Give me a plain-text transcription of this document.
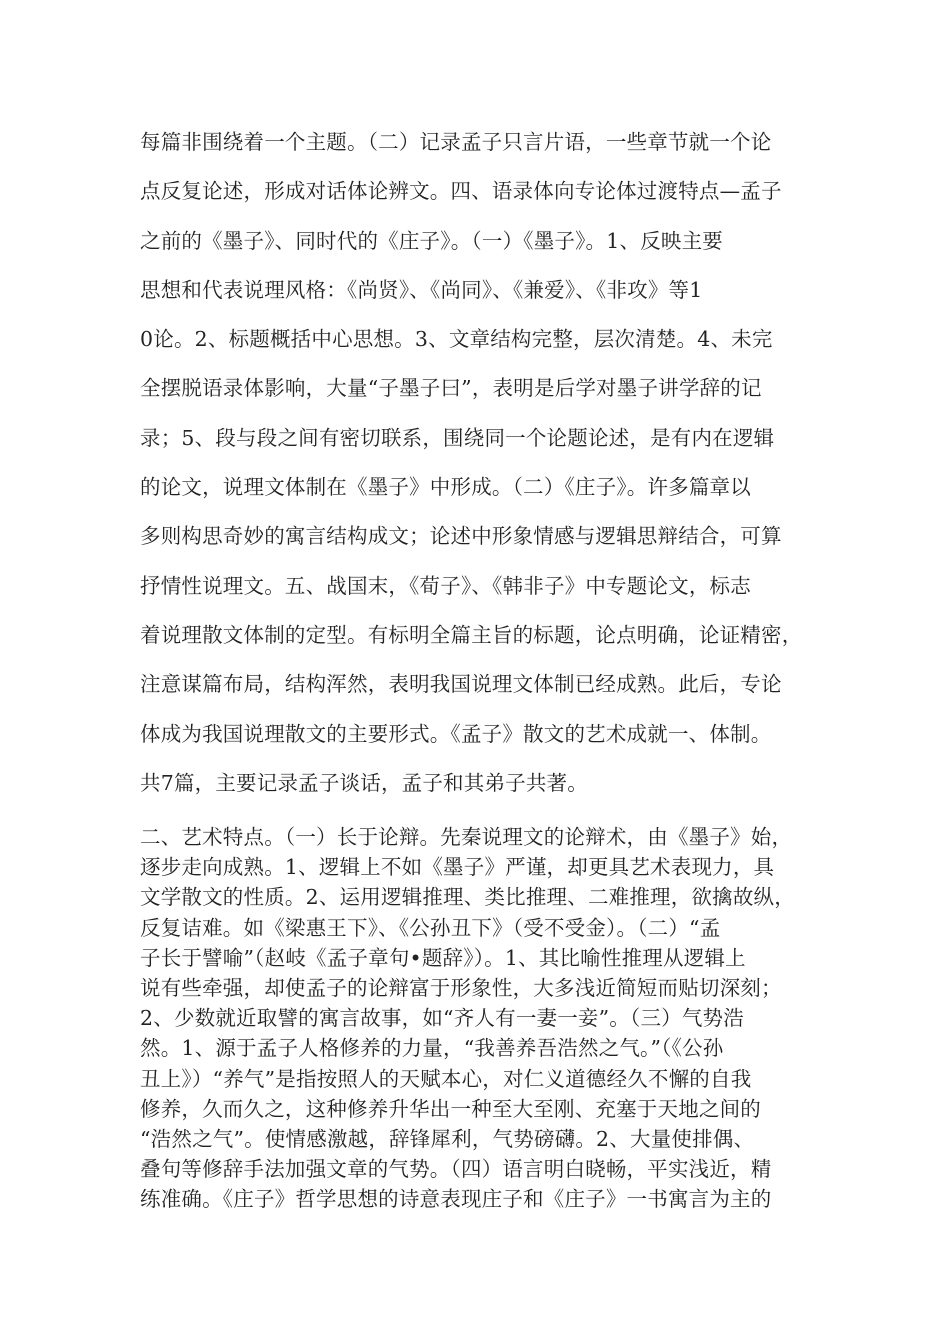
每篇非围绕着一个主题。（二）记录孟子只言片语，一些章节就一个论
点反复论述，形成对话体论辨文。四、语录体向专论体过渡特点—孟子
之前的《墨子》、同时代的《庄子》。（一）《墨子》。1、反映主要
思想和代表说理风格：《尚贤》、《尚同》、《兼爱》、《非攻》等1
0论。2、标题概括中心思想。3、文章结构完整，层次清楚。4、未完
全摆脱语录体影响，大量“子墨子曰”，表明是后学对墨子讲学辞的记
录；5、段与段之间有密切联系，围绕同一个论题论述，是有内在逻辑
的论文，说理文体制在《墨子》中形成。（二）《庄子》。许多篇章以
多则构思奇妙的寓言结构成文；论述中形象情感与逻辑思辩结合，可算
抒情性说理文。五、战国末，《荀子》、《韩非子》中专题论文，标志
着说理散文体制的定型。有标明全篇主旨的标题，论点明确，论证精密，
注意谋篇布局，结构浑然，表明我国说理文体制已经成熟。此后，专论
体成为我国说理散文的主要形式。《孟子》散文的艺术成就一、体制。
共7篇，主要记录孟子谈话，孟子和其弟子共著。
二、艺术特点。（一）长于论辩。先秦说理文的论辩术，由《墨子》始，
逐步走向成熟。1、逻辑上不如《墨子》严谨，却更具艺术表现力，具
文学散文的性质。2、运用逻辑推理、类比推理、二难推理，欲擒故纵，
反复诘难。如《梁惠王下》、《公孙丑下》（受不受金）。（二）“孟
子长于譬喻”（赵岐《孟子章句•题辞》）。1、其比喻性推理从逻辑上
说有些牵强，却使孟子的论辩富于形象性，大多浅近简短而贴切深刻；
2、少数就近取譬的寓言故事，如“齐人有一妻一妾”。（三）气势浩
然。1、源于孟子人格修养的力量，“我善养吾浩然之气。”（《公孙
丑上》）“养气”是指按照人的天赋本心，对仁义道德经久不懈的自我
修养，久而久之，这种修养升华出一种至大至刚、充塞于天地之间的
“浩然之气”。使情感激越，辞锋犀利，气势磅礴。2、大量使排偶、
叠句等修辞手法加强文章的气势。（四）语言明白晓畅，平实浅近，精
练准确。《庄子》哲学思想的诗意表现庄子和《庄子》一书寓言为主的
